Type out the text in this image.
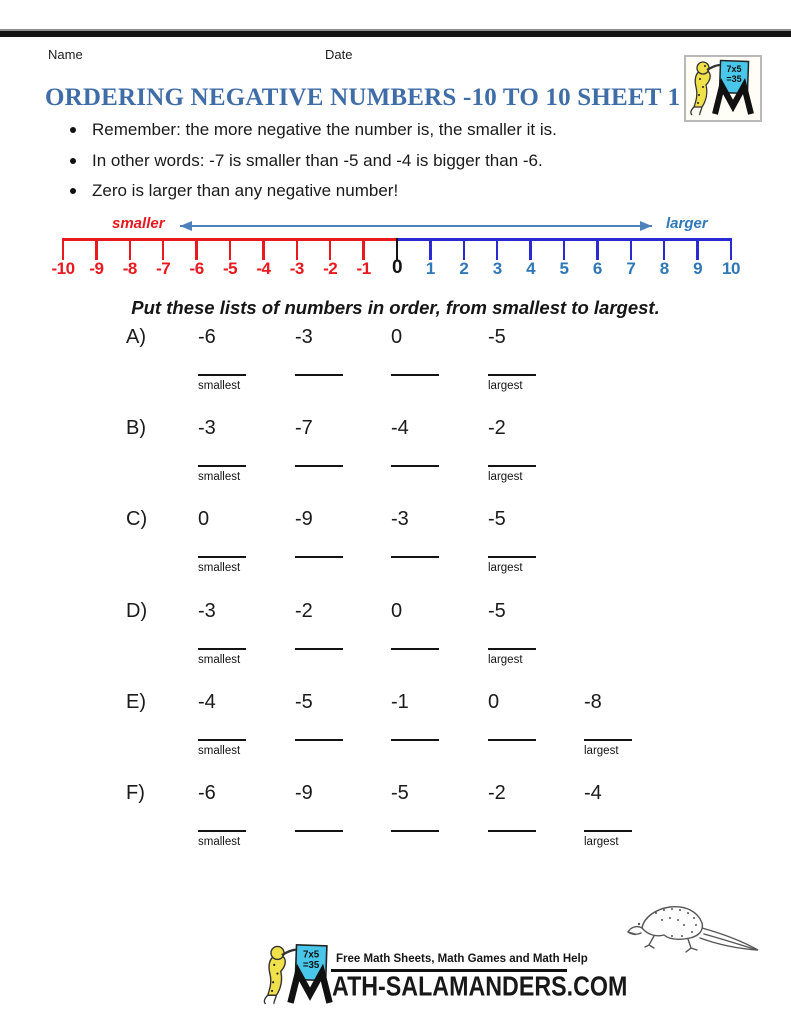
Name	Date
7x5
=35
ORDERING NEGATIVE NUMBERS -10 TO 10 SHEET 1
Remember: the more negative the number is, the smaller it is.
In other words: -7 is smaller than -5 and -4 is bigger than -6.
Zero is larger than any negative number!
smaller	larger
-10 -9	-8	-7	-6	-5	-4	-3	-2	-1	0	1	2	3	4	5	6	7	8	9	10
Put these lists of numbers in order, from smallest to largest.
A)	-6
smallest
-3	0	-5
largest
B)	-3
smallest
-7	-4	-2
largest
C)	0
smallest
-9	-3	-5
largest
D)	-3
smallest
-2	0	-5
largest
E)	-4
smallest
-5	-1	0	-8
largest
F)	-6
smallest
-9	-5	-2	-4
largest
7x5
=35
Free Math Sheets, Math Games and Math Help
ATH-SALAMANDERS.COM
